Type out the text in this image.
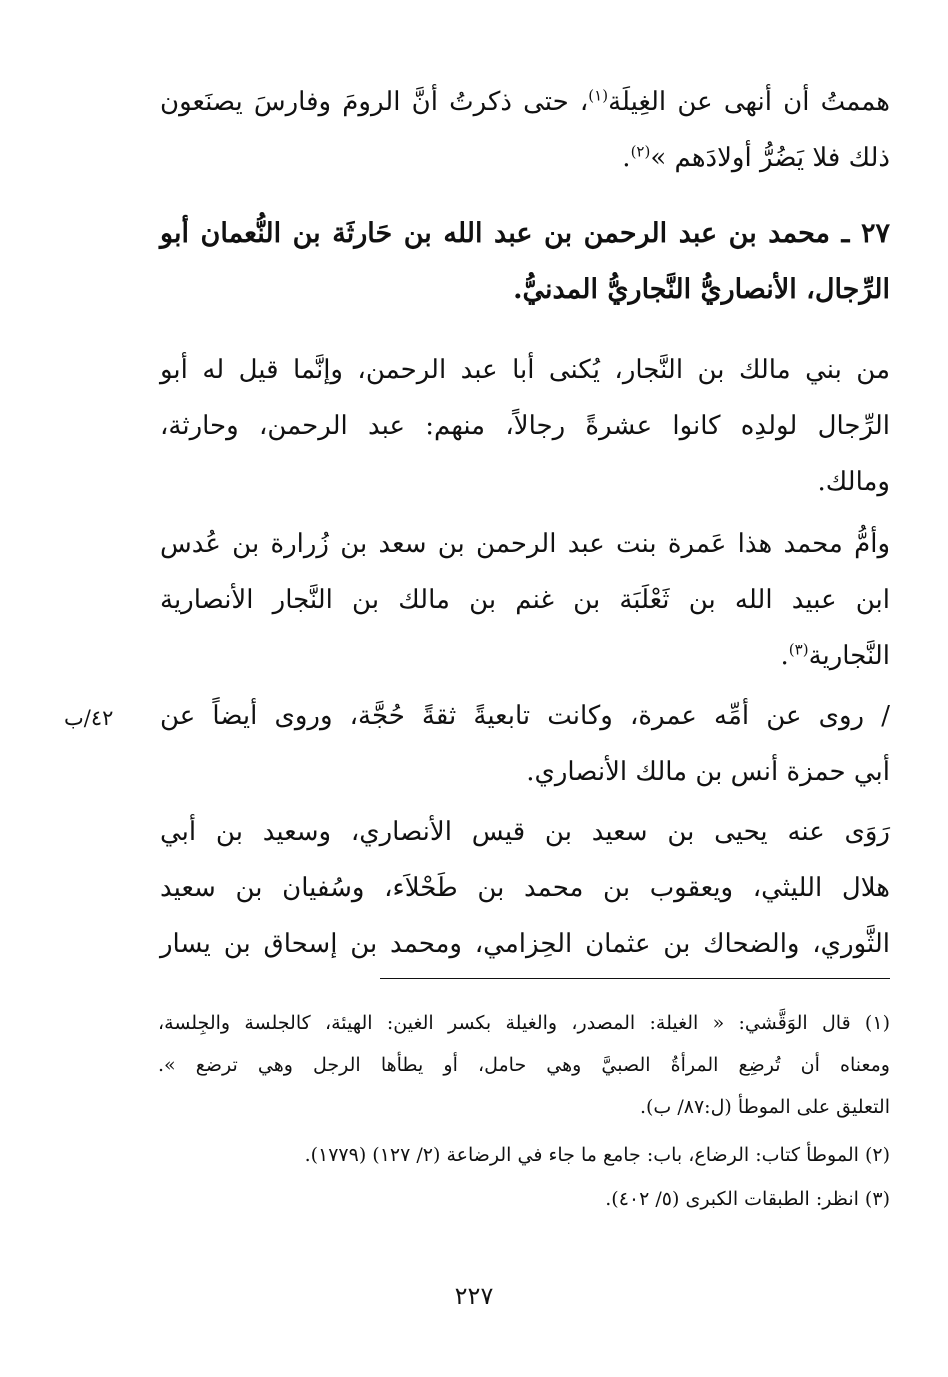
هممتُ أن أنهى عن الغِيلَة$^{(١)}$، حتى ذكرتُ أنَّ الرومَ وفارسَ يصنَعون
ذلك فلا يَضُرُّ أولادَهم »$^{(٢)}$.
٢٧ ـ محمد بن عبد الرحمن بن عبد الله بن حَارثَة بن النُّعمان أبو
الرِّجال، الأنصاريُّ النَّجاريُّ المدنيُّ.
من بني مالك بن النَّجار، يُكنى أبا عبد الرحمن، وإنَّما قيل له أبو
الرِّجال لولدِه كانوا عشرةً رجالاً، منهم: عبد الرحمن، وحارثة،
ومالك.
وأمُّ محمد هذا عَمرة بنت عبد الرحمن بن سعد بن زُرارة بن عُدس
ابن عبيد الله بن ثَعْلَبَة بن غنم بن مالك بن النَّجار الأنصارية
النَّجارية$^{(٣)}$.
٤٢/ب	/ روى عن أمِّه عمرة، وكانت تابعيةً ثقةً حُجَّة، وروى أيضاً عن
أبي حمزة أنس بن مالك الأنصاري.
رَوَى عنه يحيى بن سعيد بن قيس الأنصاري، وسعيد بن أبي
هلال الليثي، ويعقوب بن محمد بن طَحْلاَء، وسُفيان بن سعيد
الثَّوري، والضحاك بن عثمان الحِزامي، ومحمد بن إسحاق بن يسار
(١) قال الوَقَّشي: « الغيلة: المصدر، والغيلة بكسر الغين: الهيئة، كالجلسة والجِلسة،
ومعناه أن تُرضِع المرأةُ الصبيَّ وهي حامل، أو يطأها الرجل وهي ترضع ».
التعليق على الموطأ (ل:٨٧/ ب).
(٢) الموطأ كتاب: الرضاع، باب: جامع ما جاء في الرضاعة (٢/ ١٢٧) (١٧٧٩).
(٣) انظر: الطبقات الكبرى (٥/ ٤٠٢).
٢٢٧
